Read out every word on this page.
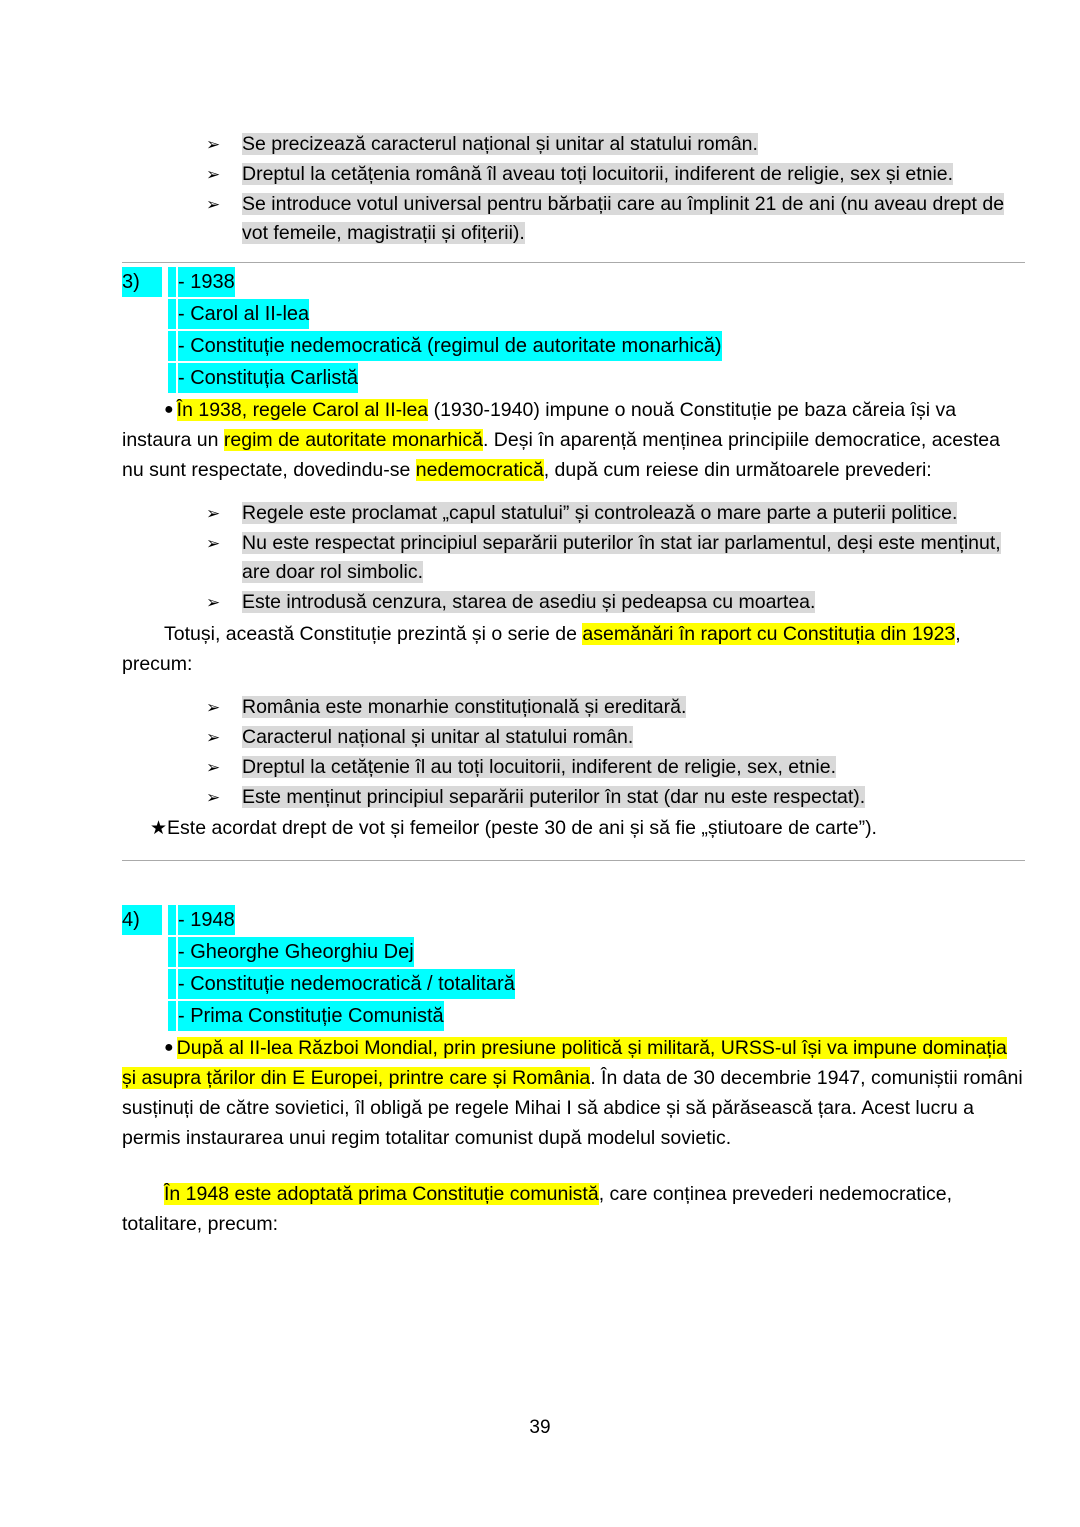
➢ Se precizează caracterul național și unitar al statului român.
➢ Dreptul la cetățenia română îl aveau toți locuitorii, indiferent de religie, sex și etnie.
➢ Se introduce votul universal pentru bărbații care au împlinit 21 de ani (nu aveau drept de vot femeile, magistrații și ofițerii).
3)	- 1938
- Carol al II-lea
- Constituție nedemocratică (regimul de autoritate monarhică)
- Constituția Carlistă

● În 1938, regele Carol al II-lea (1930-1940) impune o nouă Constituție pe baza căreia își va instaura un regim de autoritate monarhică. Deși în aparență menținea principiile democratice, acestea nu sunt respectate, dovedindu-se nedemocratică, după cum reiese din următoarele prevederi:

➢ Regele este proclamat „capul statului” și controlează o mare parte a puterii politice.
➢ Nu este respectat principiul separării puterilor în stat iar parlamentul, deși este menținut, are doar rol simbolic.
➢ Este introdusă cenzura, starea de asediu și pedeapsa cu moartea.

Totuși, această Constituție prezintă și o serie de asemănări în raport cu Constituția din 1923, precum:

➢ România este monarhie constituțională și ereditară.
➢ Caracterul național și unitar al statului român.
➢ Dreptul la cetățenie îl au toți locuitorii, indiferent de religie, sex, etnie.
➢ Este menținut principiul separării puterilor în stat (dar nu este respectat).

★Este acordat drept de vot și femeilor (peste 30 de ani și să fie „știutoare de carte”).

4)	- 1948
- Gheorghe Gheorghiu Dej
- Constituție nedemocratică / totalitară
- Prima Constituție Comunistă

● După al II-lea Război Mondial, prin presiune politică și militară, URSS-ul își va impune dominația și asupra țărilor din E Europei, printre care și România. În data de 30 decembrie 1947, comuniștii români susținuți de către sovietici, îl obligă pe regele Mihai I să abdice și să părăsească țara. Acest lucru a permis instaurarea unui regim totalitar comunist după modelul sovietic.

În 1948 este adoptată prima Constituție comunistă, care conținea prevederi nedemocratice, totalitare, precum:

39
